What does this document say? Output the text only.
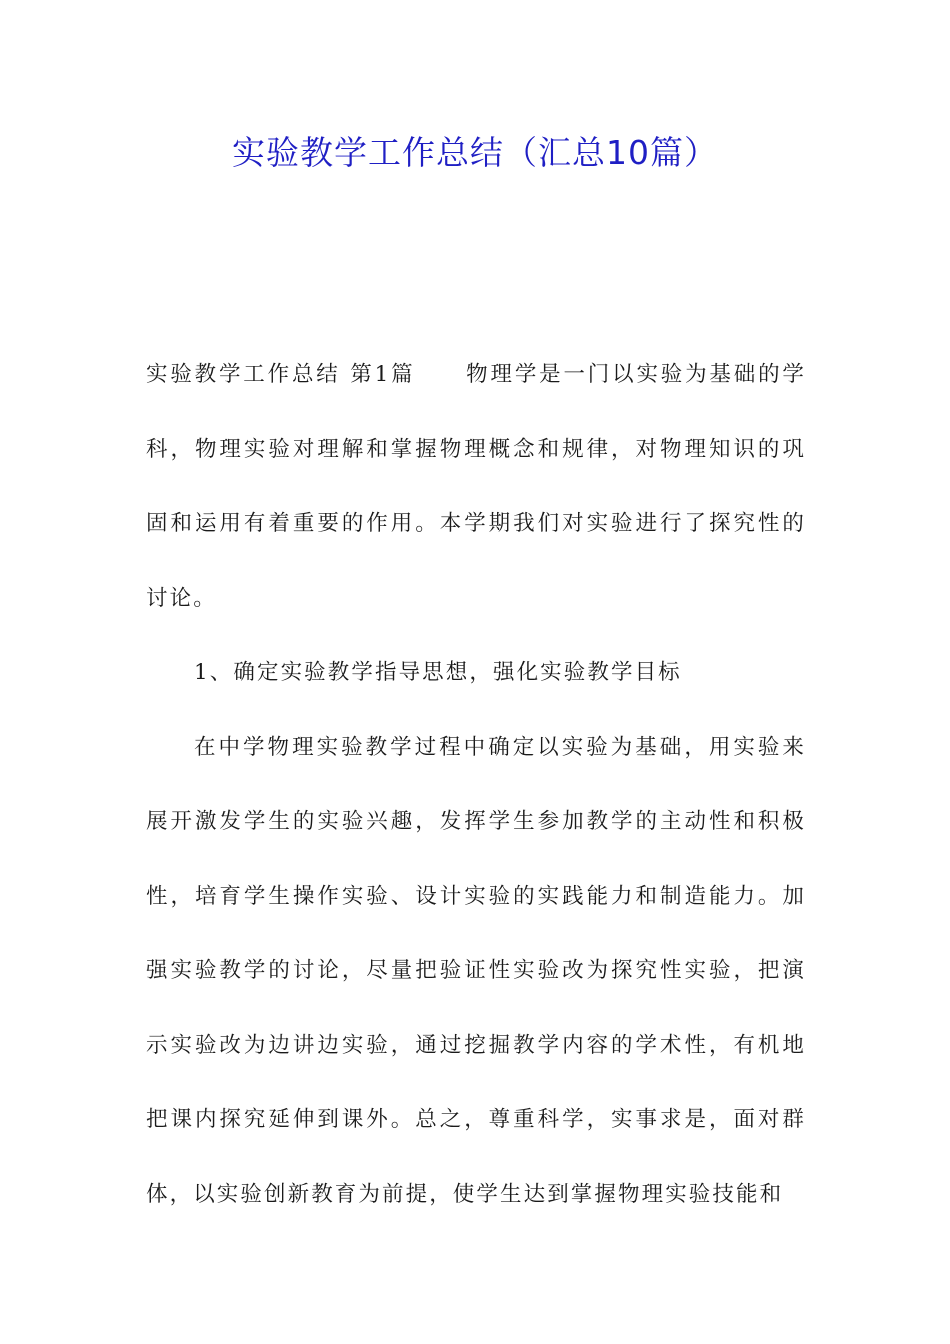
实验教学工作总结（汇总10篇）

实验教学工作总结 第1篇 物理学是一门以实验为基础的学科，物理实验对理解和掌握物理概念和规律，对物理知识的巩固和运用有着重要的作用。本学期我们对实验进行了探究性的讨论。

1、确定实验教学指导思想，强化实验教学目标

在中学物理实验教学过程中确定以实验为基础，用实验来展开激发学生的实验兴趣，发挥学生参加教学的主动性和积极性，培育学生操作实验、设计实验的实践能力和制造能力。加强实验教学的讨论，尽量把验证性实验改为探究性实验，把演示实验改为边讲边实验，通过挖掘教学内容的学术性，有机地把课内探究延伸到课外。总之，尊重科学，实事求是，面对群体，以实验创新教育为前提，使学生达到掌握物理实验技能和
